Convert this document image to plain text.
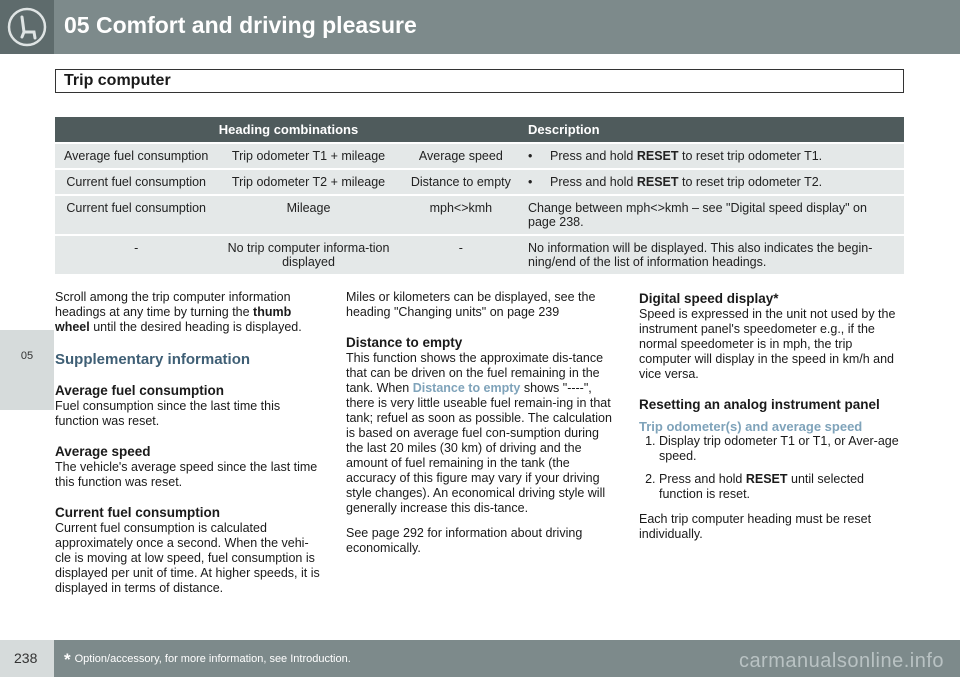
05 Comfort and driving pleasure
Trip computer
05
Heading combinations			Description
Average fuel consumption	Trip odometer T1 + mileage	Average speed	•Press and hold RESET to reset trip odometer T1.
Current fuel consumption	Trip odometer T2 + mileage	Distance to empty	•Press and hold RESET to reset trip odometer T2.
Current fuel consumption	Mileage	mph<>kmh	Change between mph<>kmh – see "Digital speed display" on page 238.
-	No trip computer informa-tion displayed	-	No information will be displayed. This also indicates the begin-ning/end of the list of information headings.

Scroll among the trip computer information headings at any time by turning the thumb wheel until the desired heading is displayed.

Supplementary information
Average fuel consumption

Fuel consumption since the last time this function was reset.

Average speed

The vehicle's average speed since the last time this function was reset.

Current fuel consumption

Current fuel consumption is calculated approximately once a second. When the vehi-cle is moving at low speed, fuel consumption is displayed per unit of time. At higher speeds, it is displayed in terms of distance.

Miles or kilometers can be displayed, see the heading "Changing units" on page 239

Distance to empty

This function shows the approximate dis-tance that can be driven on the fuel remaining in the tank. When Distance to empty shows "----", there is very little useable fuel remain-ing in that tank; refuel as soon as possible. The calculation is based on average fuel con-sumption during the last 20 miles (30 km) of driving and the amount of fuel remaining in the tank (the accuracy of this figure may vary if your driving style changes). An economical driving style will generally increase this dis-tance.

See page 292 for information about driving economically.

Digital speed display*

Speed is expressed in the unit not used by the instrument panel's speedometer e.g., if the normal speedometer is in mph, the trip computer will display in the speed in km/h and vice versa.

Resetting an analog instrument panel
Trip odometer(s) and average speed
1. Display trip odometer T1 or T1, or Aver-age speed.
2. Press and hold RESET until selected function is reset.

Each trip computer heading must be reset individually.

238 * Option/accessory, for more information, see Introduction.	carmanualsonline.info
